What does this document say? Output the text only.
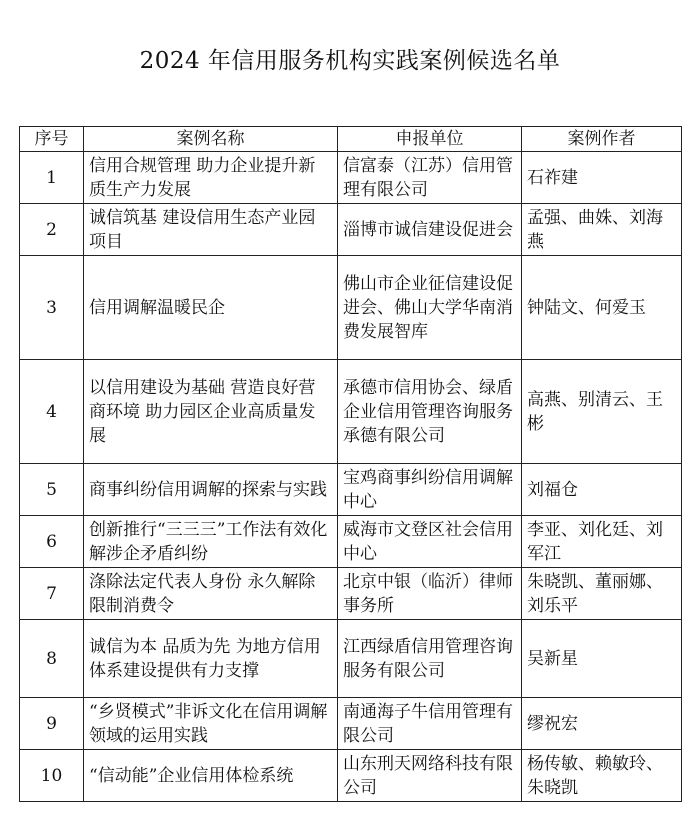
2024 年信用服务机构实践案例候选名单
序号	案例名称	申报单位	案例作者
1	信用合规管理 助力企业提升新质生产力发展	信富泰（江苏）信用管理有限公司	石祚建
2	诚信筑基 建设信用生态产业园项目	淄博市诚信建设促进会	孟强、曲姝、刘海燕
3	信用调解温暖民企	佛山市企业征信建设促进会、佛山大学华南消费发展智库	钟陆文、何爱玉
4	以信用建设为基础 营造良好营商环境 助力园区企业高质量发展	承德市信用协会、绿盾企业信用管理咨询服务承德有限公司	高燕、别清云、王彬
5	商事纠纷信用调解的探索与实践	宝鸡商事纠纷信用调解中心	刘福仓
6	创新推行“三三三”工作法有效化解涉企矛盾纠纷	威海市文登区社会信用中心	李亚、刘化廷、刘军江
7	涤除法定代表人身份 永久解除限制消费令	北京中银（临沂）律师事务所	朱晓凯、董丽娜、刘乐平
8	诚信为本 品质为先 为地方信用体系建设提供有力支撑	江西绿盾信用管理咨询服务有限公司	吴新星
9	“乡贤模式”非诉文化在信用调解领域的运用实践	南通海子牛信用管理有限公司	缪祝宏
10	“信动能”企业信用体检系统	山东刑天网络科技有限公司	杨传敏、赖敏玲、朱晓凯
